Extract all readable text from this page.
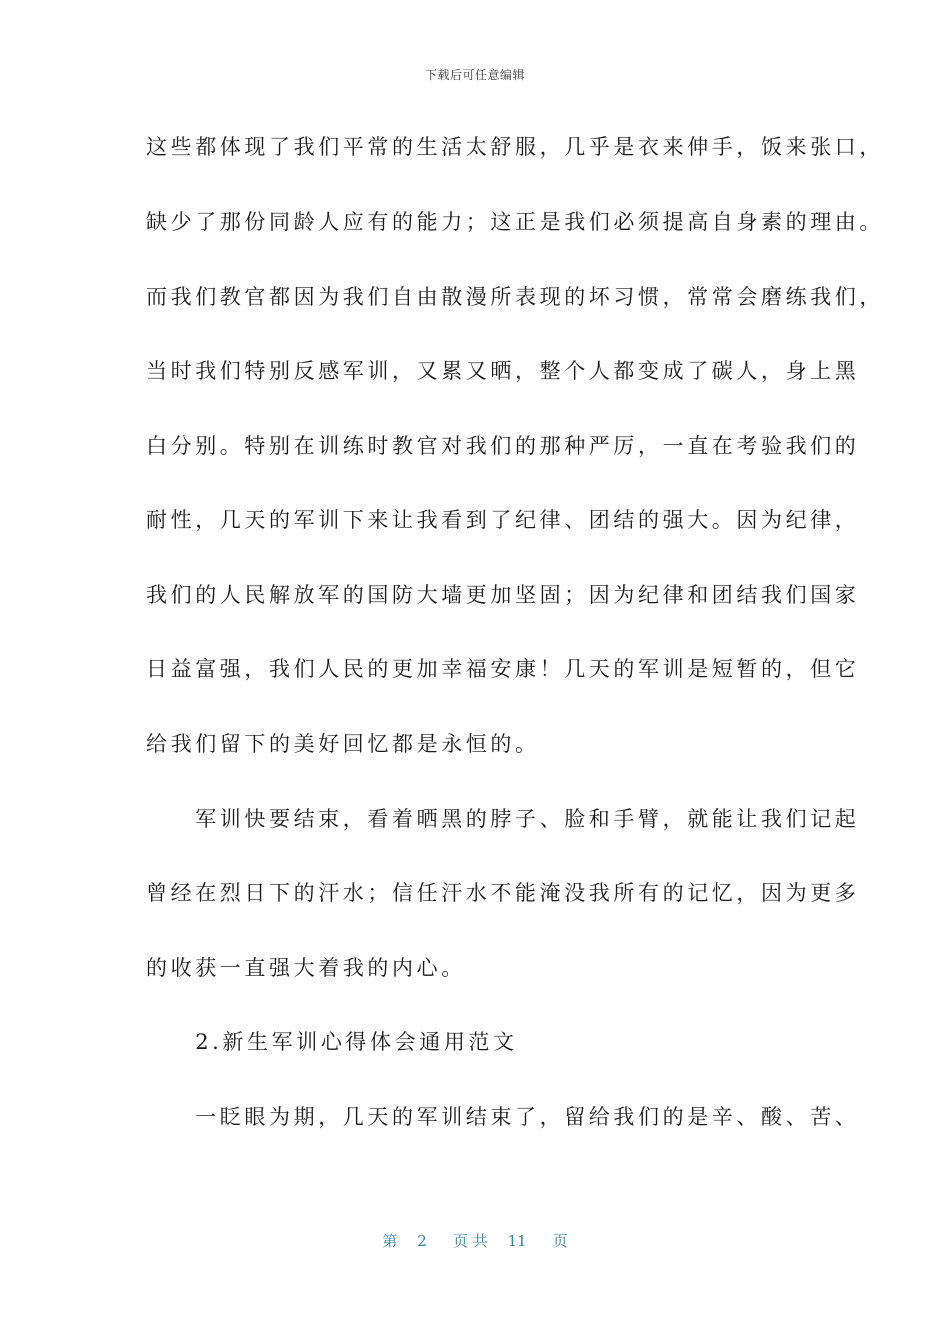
下载后可任意编辑
这些都体现了我们平常的生活太舒服，几乎是衣来伸手，饭来张口，
缺少了那份同龄人应有的能力；这正是我们必须提高自身素的理由。
而我们教官都因为我们自由散漫所表现的坏习惯，常常会磨练我们，
当时我们特别反感军训，又累又晒，整个人都变成了碳人，身上黑
白分别。特别在训练时教官对我们的那种严厉，一直在考验我们的
耐性，几天的军训下来让我看到了纪律、团结的强大。因为纪律，
我们的人民解放军的国防大墙更加坚固；因为纪律和团结我们国家
日益富强，我们人民的更加幸福安康！几天的军训是短暂的，但它
给我们留下的美好回忆都是永恒的。
　　军训快要结束，看着晒黑的脖子、脸和手臂，就能让我们记起
曾经在烈日下的汗水；信任汗水不能淹没我所有的记忆，因为更多
的收获一直强大着我的内心。
　　2.新生军训心得体会通用范文
　　一眨眼为期，几天的军训结束了，留给我们的是辛、酸、苦、
第 2 页 共 11 页
